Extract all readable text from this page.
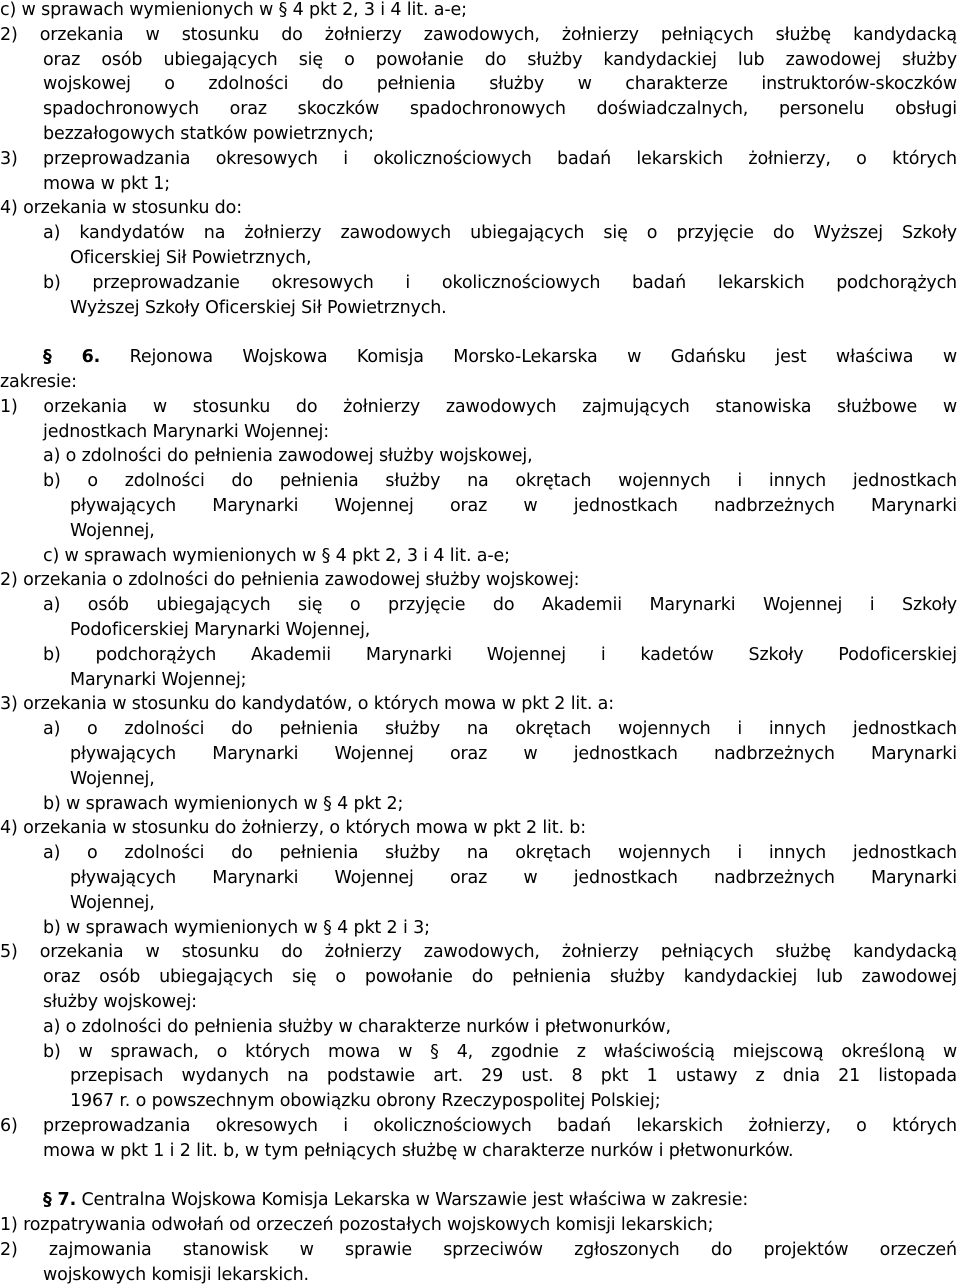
c) w sprawach wymienionych w § 4 pkt 2, 3 i 4 lit. a-e;
2) orzekania w stosunku do żołnierzy zawodowych, żołnierzy pełniących służbę kandydacką
oraz osób ubiegających się o powołanie do służby kandydackiej lub zawodowej służby
wojskowej o zdolności do pełnienia służby w charakterze instruktorów-skoczków
spadochronowych oraz skoczków spadochronowych doświadczalnych, personelu obsługi
bezzałogowych statków powietrznych;
3) przeprowadzania okresowych i okolicznościowych badań lekarskich żołnierzy, o których
mowa w pkt 1;
4) orzekania w stosunku do:
a) kandydatów na żołnierzy zawodowych ubiegających się o przyjęcie do Wyższej Szkoły
Oficerskiej Sił Powietrznych,
b) przeprowadzanie okresowych i okolicznościowych badań lekarskich podchorążych
Wyższej Szkoły Oficerskiej Sił Powietrznych.
§ 6. Rejonowa Wojskowa Komisja Morsko-Lekarska w Gdańsku jest właściwa w
zakresie:
1) orzekania w stosunku do żołnierzy zawodowych zajmujących stanowiska służbowe w
jednostkach Marynarki Wojennej:
a) o zdolności do pełnienia zawodowej służby wojskowej,
b) o zdolności do pełnienia służby na okrętach wojennych i innych jednostkach
pływających Marynarki Wojennej oraz w jednostkach nadbrzeżnych Marynarki
Wojennej,
c) w sprawach wymienionych w § 4 pkt 2, 3 i 4 lit. a-e;
2) orzekania o zdolności do pełnienia zawodowej służby wojskowej:
a) osób ubiegających się o przyjęcie do Akademii Marynarki Wojennej i Szkoły
Podoficerskiej Marynarki Wojennej,
b) podchorążych Akademii Marynarki Wojennej i kadetów Szkoły Podoficerskiej
Marynarki Wojennej;
3) orzekania w stosunku do kandydatów, o których mowa w pkt 2 lit. a:
a) o zdolności do pełnienia służby na okrętach wojennych i innych jednostkach
pływających Marynarki Wojennej oraz w jednostkach nadbrzeżnych Marynarki
Wojennej,
b) w sprawach wymienionych w § 4 pkt 2;
4) orzekania w stosunku do żołnierzy, o których mowa w pkt 2 lit. b:
a) o zdolności do pełnienia służby na okrętach wojennych i innych jednostkach
pływających Marynarki Wojennej oraz w jednostkach nadbrzeżnych Marynarki
Wojennej,
b) w sprawach wymienionych w § 4 pkt 2 i 3;
5) orzekania w stosunku do żołnierzy zawodowych, żołnierzy pełniących służbę kandydacką
oraz osób ubiegających się o powołanie do pełnienia służby kandydackiej lub zawodowej
służby wojskowej:
a) o zdolności do pełnienia służby w charakterze nurków i płetwonurków,
b) w sprawach, o których mowa w § 4, zgodnie z właściwością miejscową określoną w
przepisach wydanych na podstawie art. 29 ust. 8 pkt 1 ustawy z dnia 21 listopada
1967 r. o powszechnym obowiązku obrony Rzeczypospolitej Polskiej;
6) przeprowadzania okresowych i okolicznościowych badań lekarskich żołnierzy, o których
mowa w pkt 1 i 2 lit. b, w tym pełniących służbę w charakterze nurków i płetwonurków.
§ 7. Centralna Wojskowa Komisja Lekarska w Warszawie jest właściwa w zakresie:
1) rozpatrywania odwołań od orzeczeń pozostałych wojskowych komisji lekarskich;
2) zajmowania stanowisk w sprawie sprzeciwów zgłoszonych do projektów orzeczeń
wojskowych komisji lekarskich.
